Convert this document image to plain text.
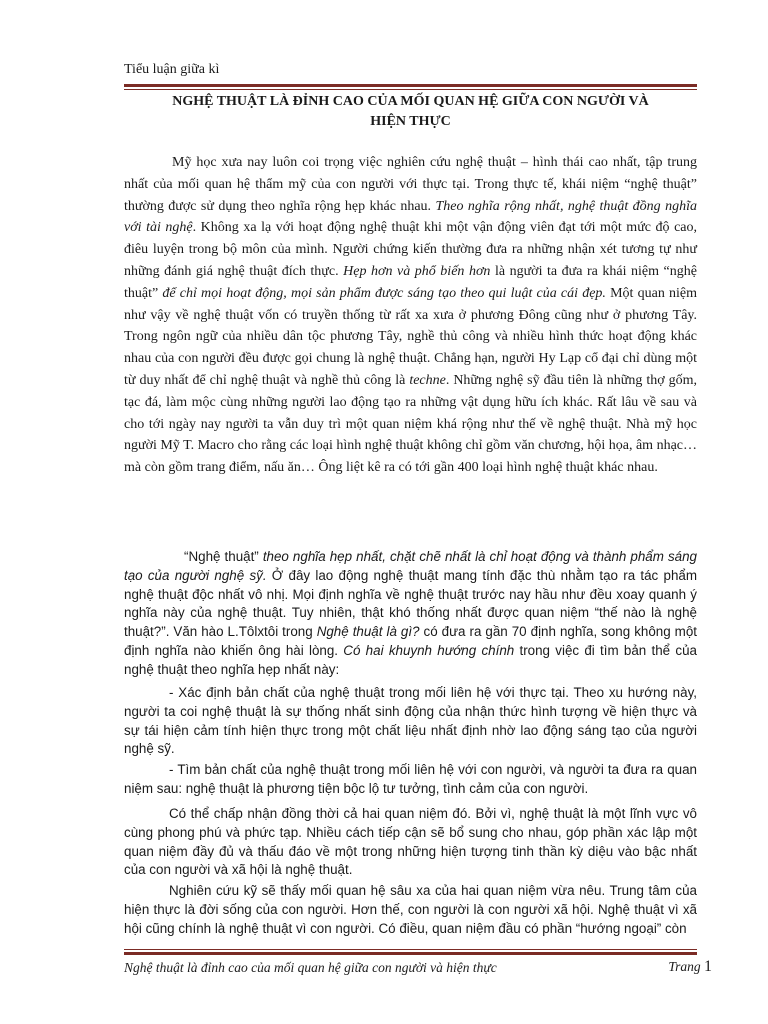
Tiểu luận giữa kì
NGHỆ THUẬT LÀ ĐỈNH CAO CỦA MỐI QUAN HỆ GIỮA CON NGƯỜI VÀ
HIỆN THỰC

Mỹ học xưa nay luôn coi trọng việc nghiên cứu nghệ thuật – hình thái cao nhất, tập trung nhất của mối quan hệ thẩm mỹ của con người với thực tại. Trong thực tế, khái niệm “nghệ thuật” thường được sử dụng theo nghĩa rộng hẹp khác nhau. Theo nghĩa rộng nhất, nghệ thuật đồng nghĩa với tài nghệ. Không xa lạ với hoạt động nghệ thuật khi một vận động viên đạt tới một mức độ cao, điêu luyện trong bộ môn của mình. Người chứng kiến thường đưa ra những nhận xét tương tự như những đánh giá nghệ thuật đích thực. Hẹp hơn và phổ biến hơn là người ta đưa ra khái niệm “nghệ thuật” để chỉ mọi hoạt động, mọi sản phẩm được sáng tạo theo qui luật của cái đẹp. Một quan niệm như vậy về nghệ thuật vốn có truyền thống từ rất xa xưa ở phương Đông cũng như ở phương Tây. Trong ngôn ngữ của nhiều dân tộc phương Tây, nghề thủ công và nhiều hình thức hoạt động khác nhau của con người đều được gọi chung là nghệ thuật. Chẳng hạn, người Hy Lạp cổ đại chỉ dùng một từ duy nhất để chỉ nghệ thuật và nghề thủ công là techne. Những nghệ sỹ đầu tiên là những thợ gốm, tạc đá, làm mộc cùng những người lao động tạo ra những vật dụng hữu ích khác. Rất lâu về sau và cho tới ngày nay người ta vẫn duy trì một quan niệm khá rộng như thế về nghệ thuật. Nhà mỹ học người Mỹ T. Macro cho rằng các loại hình nghệ thuật không chỉ gồm văn chương, hội họa, âm nhạc… mà còn gồm trang điểm, nấu ăn… Ông liệt kê ra có tới gần 400 loại hình nghệ thuật khác nhau.

“Nghệ thuật” theo nghĩa hẹp nhất, chặt chẽ nhất là chỉ hoạt động và thành phẩm sáng tạo của người nghệ sỹ. Ở đây lao động nghệ thuật mang tính đặc thù nhằm tạo ra tác phẩm nghệ thuật độc nhất vô nhị. Mọi định nghĩa về nghệ thuật trước nay hầu như đều xoay quanh ý nghĩa này của nghệ thuật. Tuy nhiên, thật khó thống nhất được quan niệm “thế nào là nghệ thuật?”. Văn hào L.Tôlxtôi trong Nghệ thuật là gì? có đưa ra gần 70 định nghĩa, song không một định nghĩa nào khiến ông hài lòng. Có hai khuynh hướng chính trong việc đi tìm bản thể của nghệ thuật theo nghĩa hẹp nhất này:

- Xác định bản chất của nghệ thuật trong mối liên hệ với thực tại. Theo xu hướng này, người ta coi nghệ thuật là sự thống nhất sinh động của nhận thức hình tượng về hiện thực và sự tái hiện cảm tính hiện thực trong một chất liệu nhất định nhờ lao động sáng tạo của người nghệ sỹ.

- Tìm bản chất của nghệ thuật trong mối liên hệ với con người, và người ta đưa ra quan niệm sau: nghệ thuật là phương tiện bộc lộ tư tưởng, tình cảm của con người.

Có thể chấp nhận đồng thời cả hai quan niệm đó. Bởi vì, nghệ thuật là một lĩnh vực vô cùng phong phú và phức tạp. Nhiều cách tiếp cận sẽ bổ sung cho nhau, góp phần xác lập một quan niệm đầy đủ và thấu đáo về một trong những hiện tượng tinh thần kỳ diệu vào bậc nhất của con người và xã hội là nghệ thuật.

Nghiên cứu kỹ sẽ thấy mối quan hệ sâu xa của hai quan niệm vừa nêu. Trung tâm của hiện thực là đời sống của con người. Hơn thế, con người là con người xã hội. Nghệ thuật vì xã hội cũng chính là nghệ thuật vì con người. Có điều, quan niệm đầu có phần “hướng ngoại” còn

Nghệ thuật là đỉnh cao của mối quan hệ giữa con người và hiện thực	Trang 1
